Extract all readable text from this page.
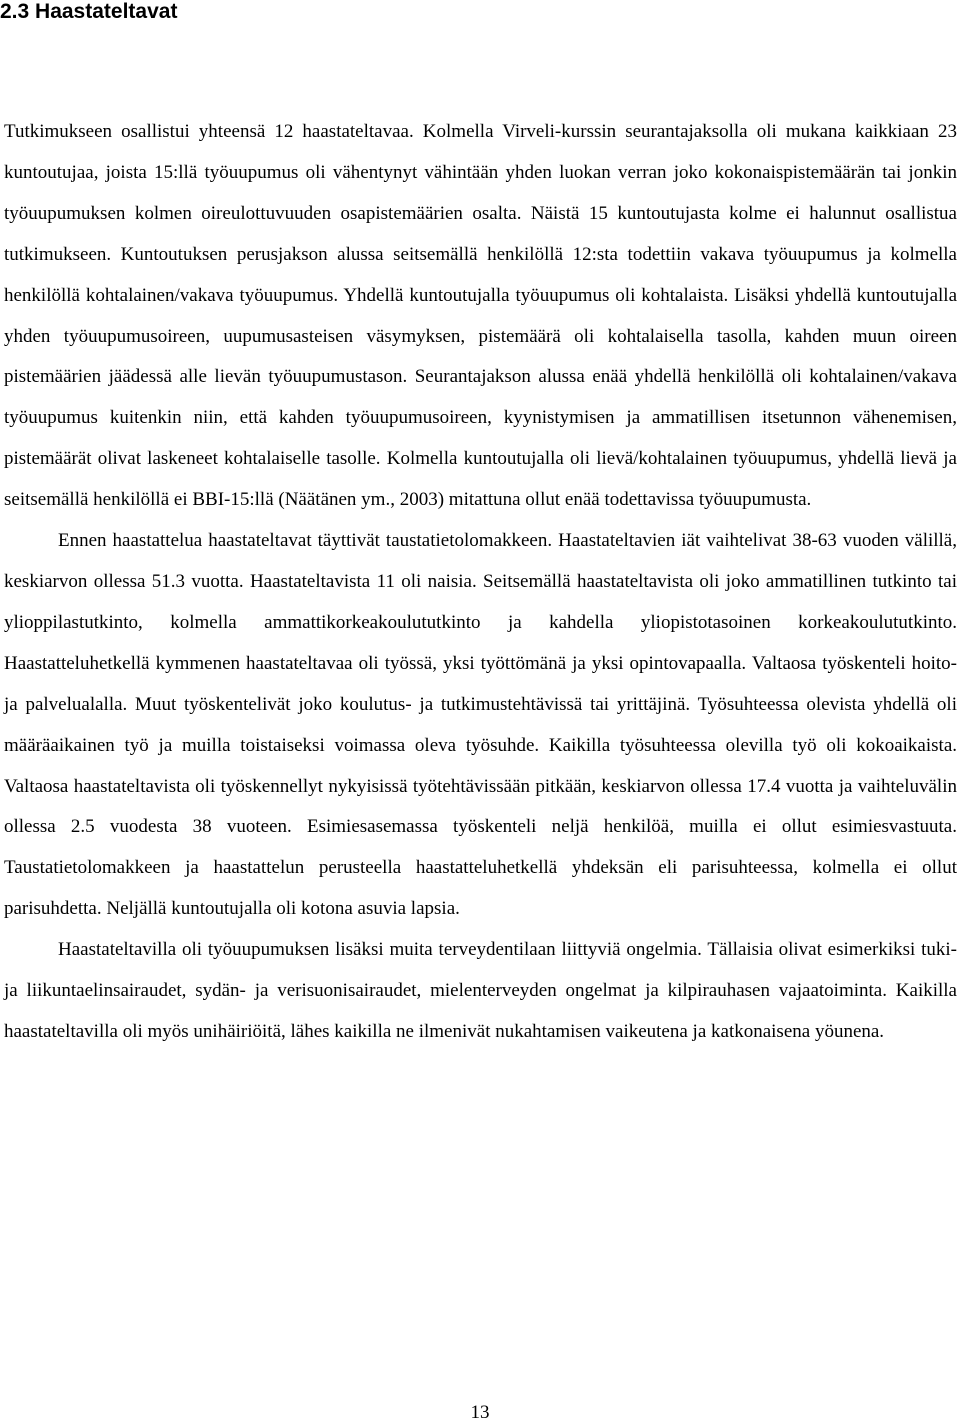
2.3 Haastateltavat

Tutkimukseen osallistui yhteensä 12 haastateltavaa. Kolmella Virveli-kurssin seurantajaksolla oli mukana kaikkiaan 23 kuntoutujaa, joista 15:llä työuupumus oli vähentynyt vähintään yhden luokan verran joko kokonaispistemäärän tai jonkin työuupumuksen kolmen oireulottuvuuden osapistemäärien osalta. Näistä 15 kuntoutujasta kolme ei halunnut osallistua tutkimukseen. Kuntoutuksen perusjakson alussa seitsemällä henkilöllä 12:sta todettiin vakava työuupumus ja kolmella henkilöllä kohtalainen/vakava työuupumus. Yhdellä kuntoutujalla työuupumus oli kohtalaista. Lisäksi yhdellä kuntoutujalla yhden työuupumusoireen, uupumusasteisen väsymyksen, pistemäärä oli kohtalaisella tasolla, kahden muun oireen pistemäärien jäädessä alle lievän työuupumustason. Seurantajakson alussa enää yhdellä henkilöllä oli kohtalainen/vakava työuupumus kuitenkin niin, että kahden työuupumusoireen, kyynistymisen ja ammatillisen itsetunnon vähenemisen, pistemäärät olivat laskeneet kohtalaiselle tasolle. Kolmella kuntoutujalla oli lievä/kohtalainen työuupumus, yhdellä lievä ja seitsemällä henkilöllä ei BBI-15:llä (Näätänen ym., 2003) mitattuna ollut enää todettavissa työuupumusta.

Ennen haastattelua haastateltavat täyttivät taustatietolomakkeen. Haastateltavien iät vaihtelivat 38-63 vuoden välillä, keskiarvon ollessa 51.3 vuotta. Haastateltavista 11 oli naisia. Seitsemällä haastateltavista oli joko ammatillinen tutkinto tai ylioppilastutkinto, kolmella ammattikorkeakoulututkinto ja kahdella yliopistotasoinen korkeakoulututkinto. Haastatteluhetkellä kymmenen haastateltavaa oli työssä, yksi työttömänä ja yksi opintovapaalla. Valtaosa työskenteli hoito- ja palvelualalla. Muut työskentelivät joko koulutus- ja tutkimustehtävissä tai yrittäjinä. Työsuhteessa olevista yhdellä oli määräaikainen työ ja muilla toistaiseksi voimassa oleva työsuhde. Kaikilla työsuhteessa olevilla työ oli kokoaikaista. Valtaosa haastateltavista oli työskennellyt nykyisissä työtehtävissään pitkään, keskiarvon ollessa 17.4 vuotta ja vaihteluvälin ollessa 2.5 vuodesta 38 vuoteen. Esimiesasemassa työskenteli neljä henkilöä, muilla ei ollut esimiesvastuuta. Taustatietolomakkeen ja haastattelun perusteella haastatteluhetkellä yhdeksän eli parisuhteessa, kolmella ei ollut parisuhdetta. Neljällä kuntoutujalla oli kotona asuvia lapsia.

Haastateltavilla oli työuupumuksen lisäksi muita terveydentilaan liittyviä ongelmia. Tällaisia olivat esimerkiksi tuki- ja liikuntaelinsairaudet, sydän- ja verisuonisairaudet, mielenterveyden ongelmat ja kilpirauhasen vajaatoiminta. Kaikilla haastateltavilla oli myös unihäiriöitä, lähes kaikilla ne ilmenivät nukahtamisen vaikeutena ja katkonaisena yöunena.

13
